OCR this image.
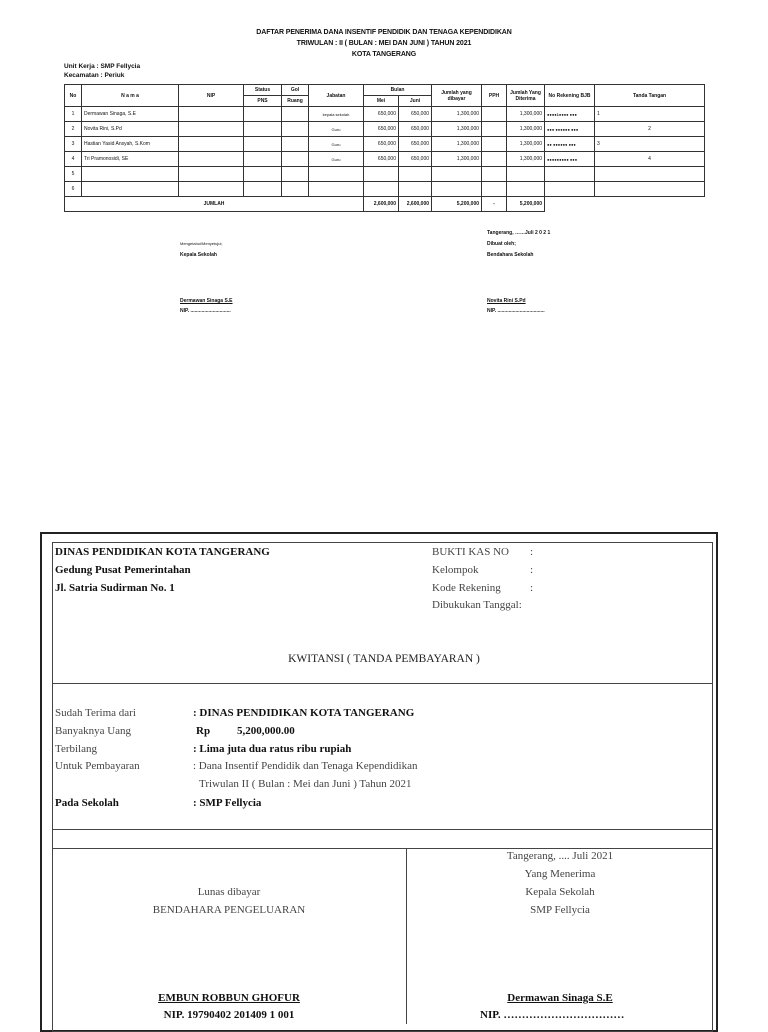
DAFTAR PENERIMA DANA INSENTIF PENDIDIK DAN TENAGA KEPENDIDIKAN
TRIWULAN : II ( BULAN : MEI DAN JUNI ) TAHUN 2021
KOTA TANGERANG
Unit Kerja : SMP Fellycia
Kecamatan : Periuk
No	N a m a	NIP	Status	Gol	Jabatan	Bulan		Jumlah yang dibayar	PPH	Jumlah Yang Diterima	No Rekening BJB	Tanda Tangan
			PNS	Ruang		Mei	Juni					
1	Dermawan Sinaga, S.E				kepala sekolah	650,000	650,000	1,300,000		1,300,000	●●●●1●●●● ●●●	1
2	Novita Rini, S.Pd				Guru	650,000	650,000	1,300,000		1,300,000	●●● ●●●●●● ●●●	2
3	Hastian Yasid Ansyah, S.Kom				Guru	650,000	650,000	1,300,000		1,300,000	●● ●●●●●● ●●●	3
4	Tri Pramonosidi, SE				Guru	650,000	650,000	1,300,000		1,300,000	●●●●●●●●● ●●●	4
5												
6												
JUMLAH						2,600,000	2,600,000	5,200,000	-	5,200,000		
Mengetahui/Menyetujui;
Kepala Sekolah
Dermawan Sinaga S.E
NIP. .............................
Tangerang, ……Juli 2 0 2 1
Dibuat oleh;
Bendahara Sekolah
Novita Rini S.Pd
NIP. ..................................
DINAS PENDIDIKAN KOTA TANGERANG
Gedung Pusat Pemerintahan
Jl. Satria Sudirman No. 1
BUKTI KAS NO :
Kelompok	:
Kode Rekening	:
Dibukukan Tanggal:
KWITANSI ( TANDA PEMBAYARAN )
Sudah Terima dari	: DINAS PENDIDIKAN KOTA TANGERANG
Banyaknya Uang	Rp 5,200,000.00
Terbilang	: Lima juta dua ratus ribu rupiah
Untuk Pembayaran	: Dana Insentif Pendidik dan Tenaga Kependidikan
Triwulan II ( Bulan : Mei dan Juni ) Tahun 2021
Pada Sekolah	: SMP Fellycia
Lunas dibayar
BENDAHARA PENGELUARAN
EMBUN ROBBUN GHOFUR
NIP. 19790402 201409 1 001
Tangerang, .... Juli 2021
Yang Menerima
Kepala Sekolah
SMP Fellycia
Dermawan Sinaga S.E
NIP. ……………………………
